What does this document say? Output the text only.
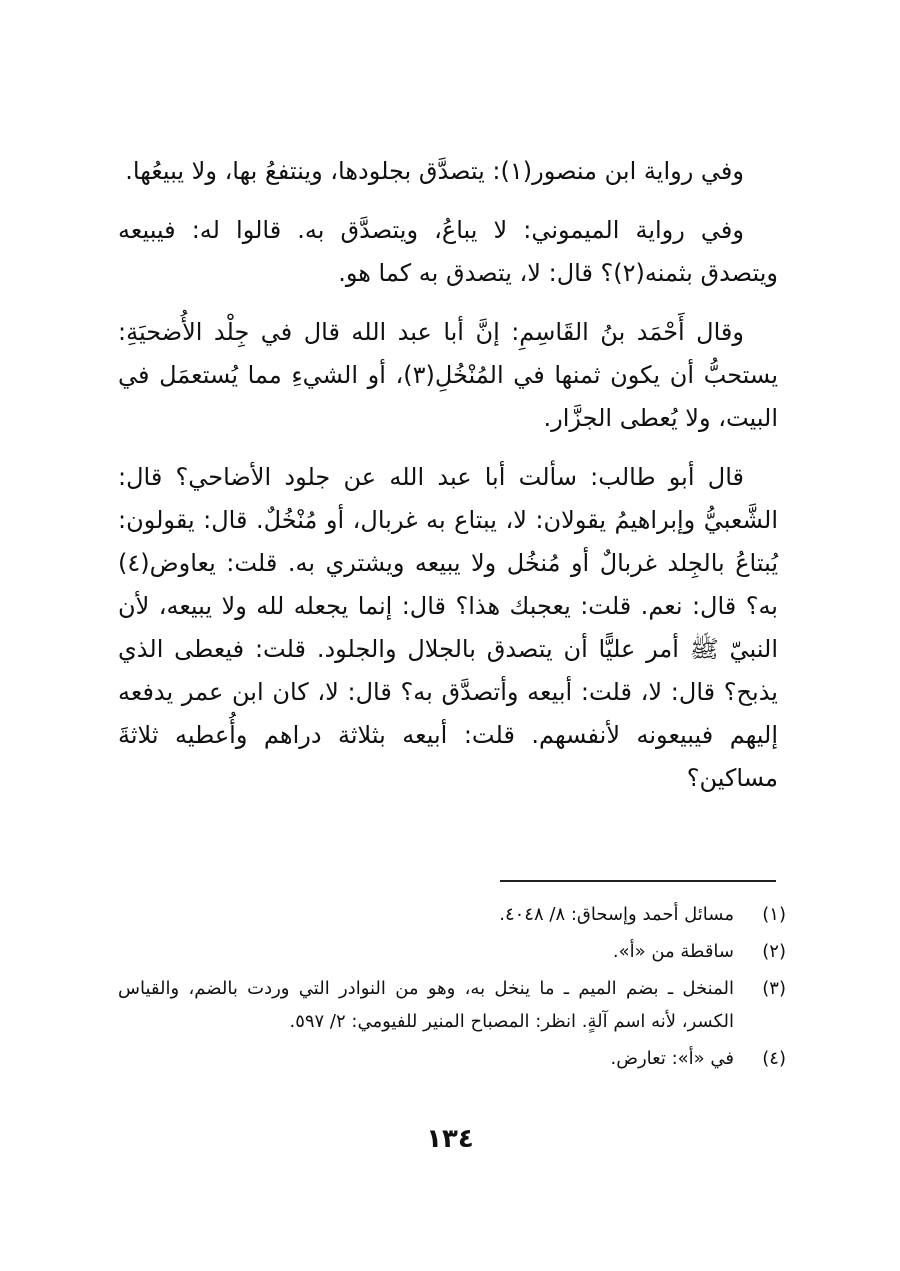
وفي رواية ابن منصور(١): يتصدَّق بجلودها، وينتفعُ بها، ولا يبيعُها.

وفي رواية الميموني: لا يباعُ، ويتصدَّق به. قالوا له: فيبيعه ويتصدق بثمنه(٢)؟ قال: لا، يتصدق به كما هو.

وقال أَحْمَد بنُ القَاسِمِ: إنَّ أبا عبد الله قال في جِلْد الأُضحيَةِ: يستحبُّ أن يكون ثمنها في المُنْخُلِ(٣)، أو الشيءِ مما يُستعمَل في البيت، ولا يُعطى الجزَّار.

قال أبو طالب: سألت أبا عبد الله عن جلود الأضاحي؟ قال: الشَّعبيُّ وإبراهيمُ يقولان: لا، يبتاع به غربال، أو مُنْخُلٌ. قال: يقولون: يُبتاعُ بالجِلد غربالٌ أو مُنخُل ولا يبيعه ويشتري به. قلت: يعاوض(٤) به؟ قال: نعم. قلت: يعجبك هذا؟ قال: إنما يجعله لله ولا يبيعه، لأن النبيّ ﷺ أمر عليًّا أن يتصدق بالجلال والجلود. قلت: فيعطى الذي يذبح؟ قال: لا، قلت: أبيعه وأتصدَّق به؟ قال: لا، كان ابن عمر يدفعه إليهم فيبيعونه لأنفسهم. قلت: أبيعه بثلاثة دراهم وأُعطيه ثلاثةَ مساكين؟

(١)
مسائل أحمد وإسحاق: ٨/ ٤٠٤٨.
(٢)
ساقطة من «أ».
(٣)
المنخل ـ بضم الميم ـ ما ينخل به، وهو من النوادر التي وردت بالضم، والقياس الكسر، لأنه اسم آلةٍ. انظر: المصباح المنير للفيومي: ٢/ ٥٩٧.
(٤)
في «أ»: تعارض.
١٣٤
